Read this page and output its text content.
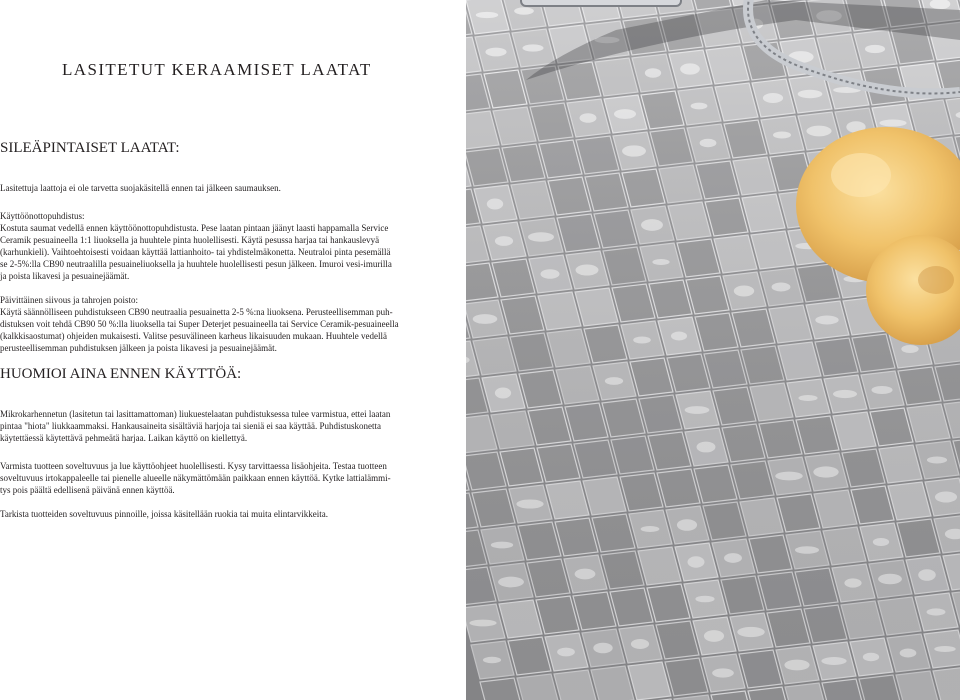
LASITETUT KERAAMISET LAATAT
SILEÄPINTAISET LAATAT:

Lasitettuja laattoja ei ole tarvetta suojakäsitellä ennen tai jälkeen saumauksen.

Käyttöönottopuhdistus:
Kostuta saumat vedellä ennen käyttöönottopuhdistusta. Pese laatan pintaan jäänyt laasti happamalla Service
Ceramik pesuaineella 1:1 liuoksella ja huuhtele pinta huolellisesti. Käytä pesussa harjaa tai hankauslevyä
(karhunkieli). Vaihtoehtoisesti voidaan käyttää lattianhoito- tai yhdistelmäkonetta. Neutraloi pinta pesemällä
se 2-5%:lla CB90 neutraalilla pesuaineliuoksella ja huuhtele huolellisesti pesun jälkeen. Imuroi vesi-imurilla
ja poista likavesi ja pesuainejäämät.

Päivittäinen siivous ja tahrojen poisto:
Käytä säännölliseen puhdistukseen CB90 neutraalia pesuainetta 2-5 %:na liuoksena. Perusteellisemman puh-
distuksen voit tehdä CB90 50 %:lla liuoksella tai Super Deterjet pesuaineella tai Service Ceramik-pesuaineella
(kalkkisaostumat) ohjeiden mukaisesti. Valitse pesuvälineen karheus likaisuuden mukaan. Huuhtele vedellä
perusteellisemman puhdistuksen jälkeen ja poista likavesi ja pesuainejäämät.

HUOMIOI AINA ENNEN KÄYTTÖÄ:

Mikrokarhennetun (lasitetun tai lasittamattoman) liukuestelaatan puhdistuksessa tulee varmistua, ettei laatan
pintaa "hiota" liukkaammaksi. Hankausaineita sisältäviä harjoja tai sieniä ei saa käyttää. Puhdistuskonetta
käytettäessä käytettävä pehmeätä harjaa. Laikan käyttö on kiellettyä.

Varmista tuotteen soveltuvuus ja lue käyttöohjeet huolellisesti. Kysy tarvittaessa lisäohjeita. Testaa tuotteen
soveltuvuus irtokappaleelle tai pienelle alueelle näkymättömään paikkaan ennen käyttöä. Kytke lattialämmi-
tys pois päältä edellisenä päivänä ennen käyttöä.

Tarkista tuotteiden soveltuvuus pinnoille, joissa käsitellään ruokia tai muita elintarvikkeita.
